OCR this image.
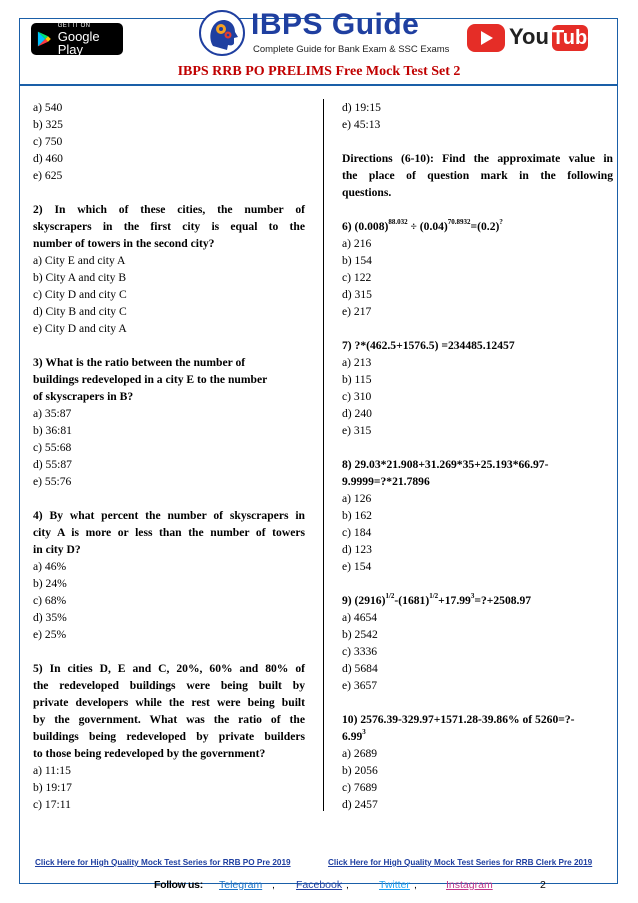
GET IT ON
Google Play
IBPS Guide
Complete Guide for Bank Exam & SSC Exams
You Tube
IBPS RRB PO PRELIMS Free Mock Test Set 2
a) 540
b) 325
c) 750
d) 460
e) 625
2) In which of these cities, the number of
skyscrapers in the first city is equal to the
number of towers in the second city?
a) City E and city A
b) City A and city B
c) City D and city C
d) City B and city C
e) City D and city A
3) What is the ratio between the number of
buildings redeveloped in a city E to the number
of skyscrapers in B?
a) 35:87
b) 36:81
c) 55:68
d) 55:87
e) 55:76
4) By what percent the number of skyscrapers in
city A is more or less than the number of towers
in city D?
a) 46%
b) 24%
c) 68%
d) 35%
e) 25%
5) In cities D, E and C, 20%, 60% and 80% of
the redeveloped buildings were being built by
private developers while the rest were being built
by the government. What was the ratio of the
buildings being redeveloped by private builders
to those being redeveloped by the government?
a) 11:15
b) 19:17
c) 17:11
d) 19:15
e) 45:13
Directions (6-10): Find the approximate value in
the place of question mark in the following
questions.
6) $(0.008)^{88.032} \div (0.04)^{70.8932}=(0.2)^?$
a) 216
b) 154
c) 122
d) 315
e) 217
7) ?*(462.5+1576.5) =234485.12457
a) 213
b) 115
c) 310
d) 240
e) 315
8) 29.03*21.908+31.269*35+25.193*66.97-
9.9999=?*21.7896
a) 126
b) 162
c) 184
d) 123
e) 154
9) $(2916)^{1/2}-(1681)^{1/2}+17.99^3=?+2508.97$
a) 4654
b) 2542
c) 3336
d) 5684
e) 3657
10) 2576.39-329.97+1571.28-39.86% of 5260=?-
6.99$^3$
a) 2689
b) 2056
c) 7689
d) 2457
Click Here for High Quality Mock Test Series for RRB PO Pre 2019	Click Here for High Quality Mock Test Series for RRB Clerk Pre 2019
Follow us: Telegram , Facebook ,	Twitter ,	Instagram	2
